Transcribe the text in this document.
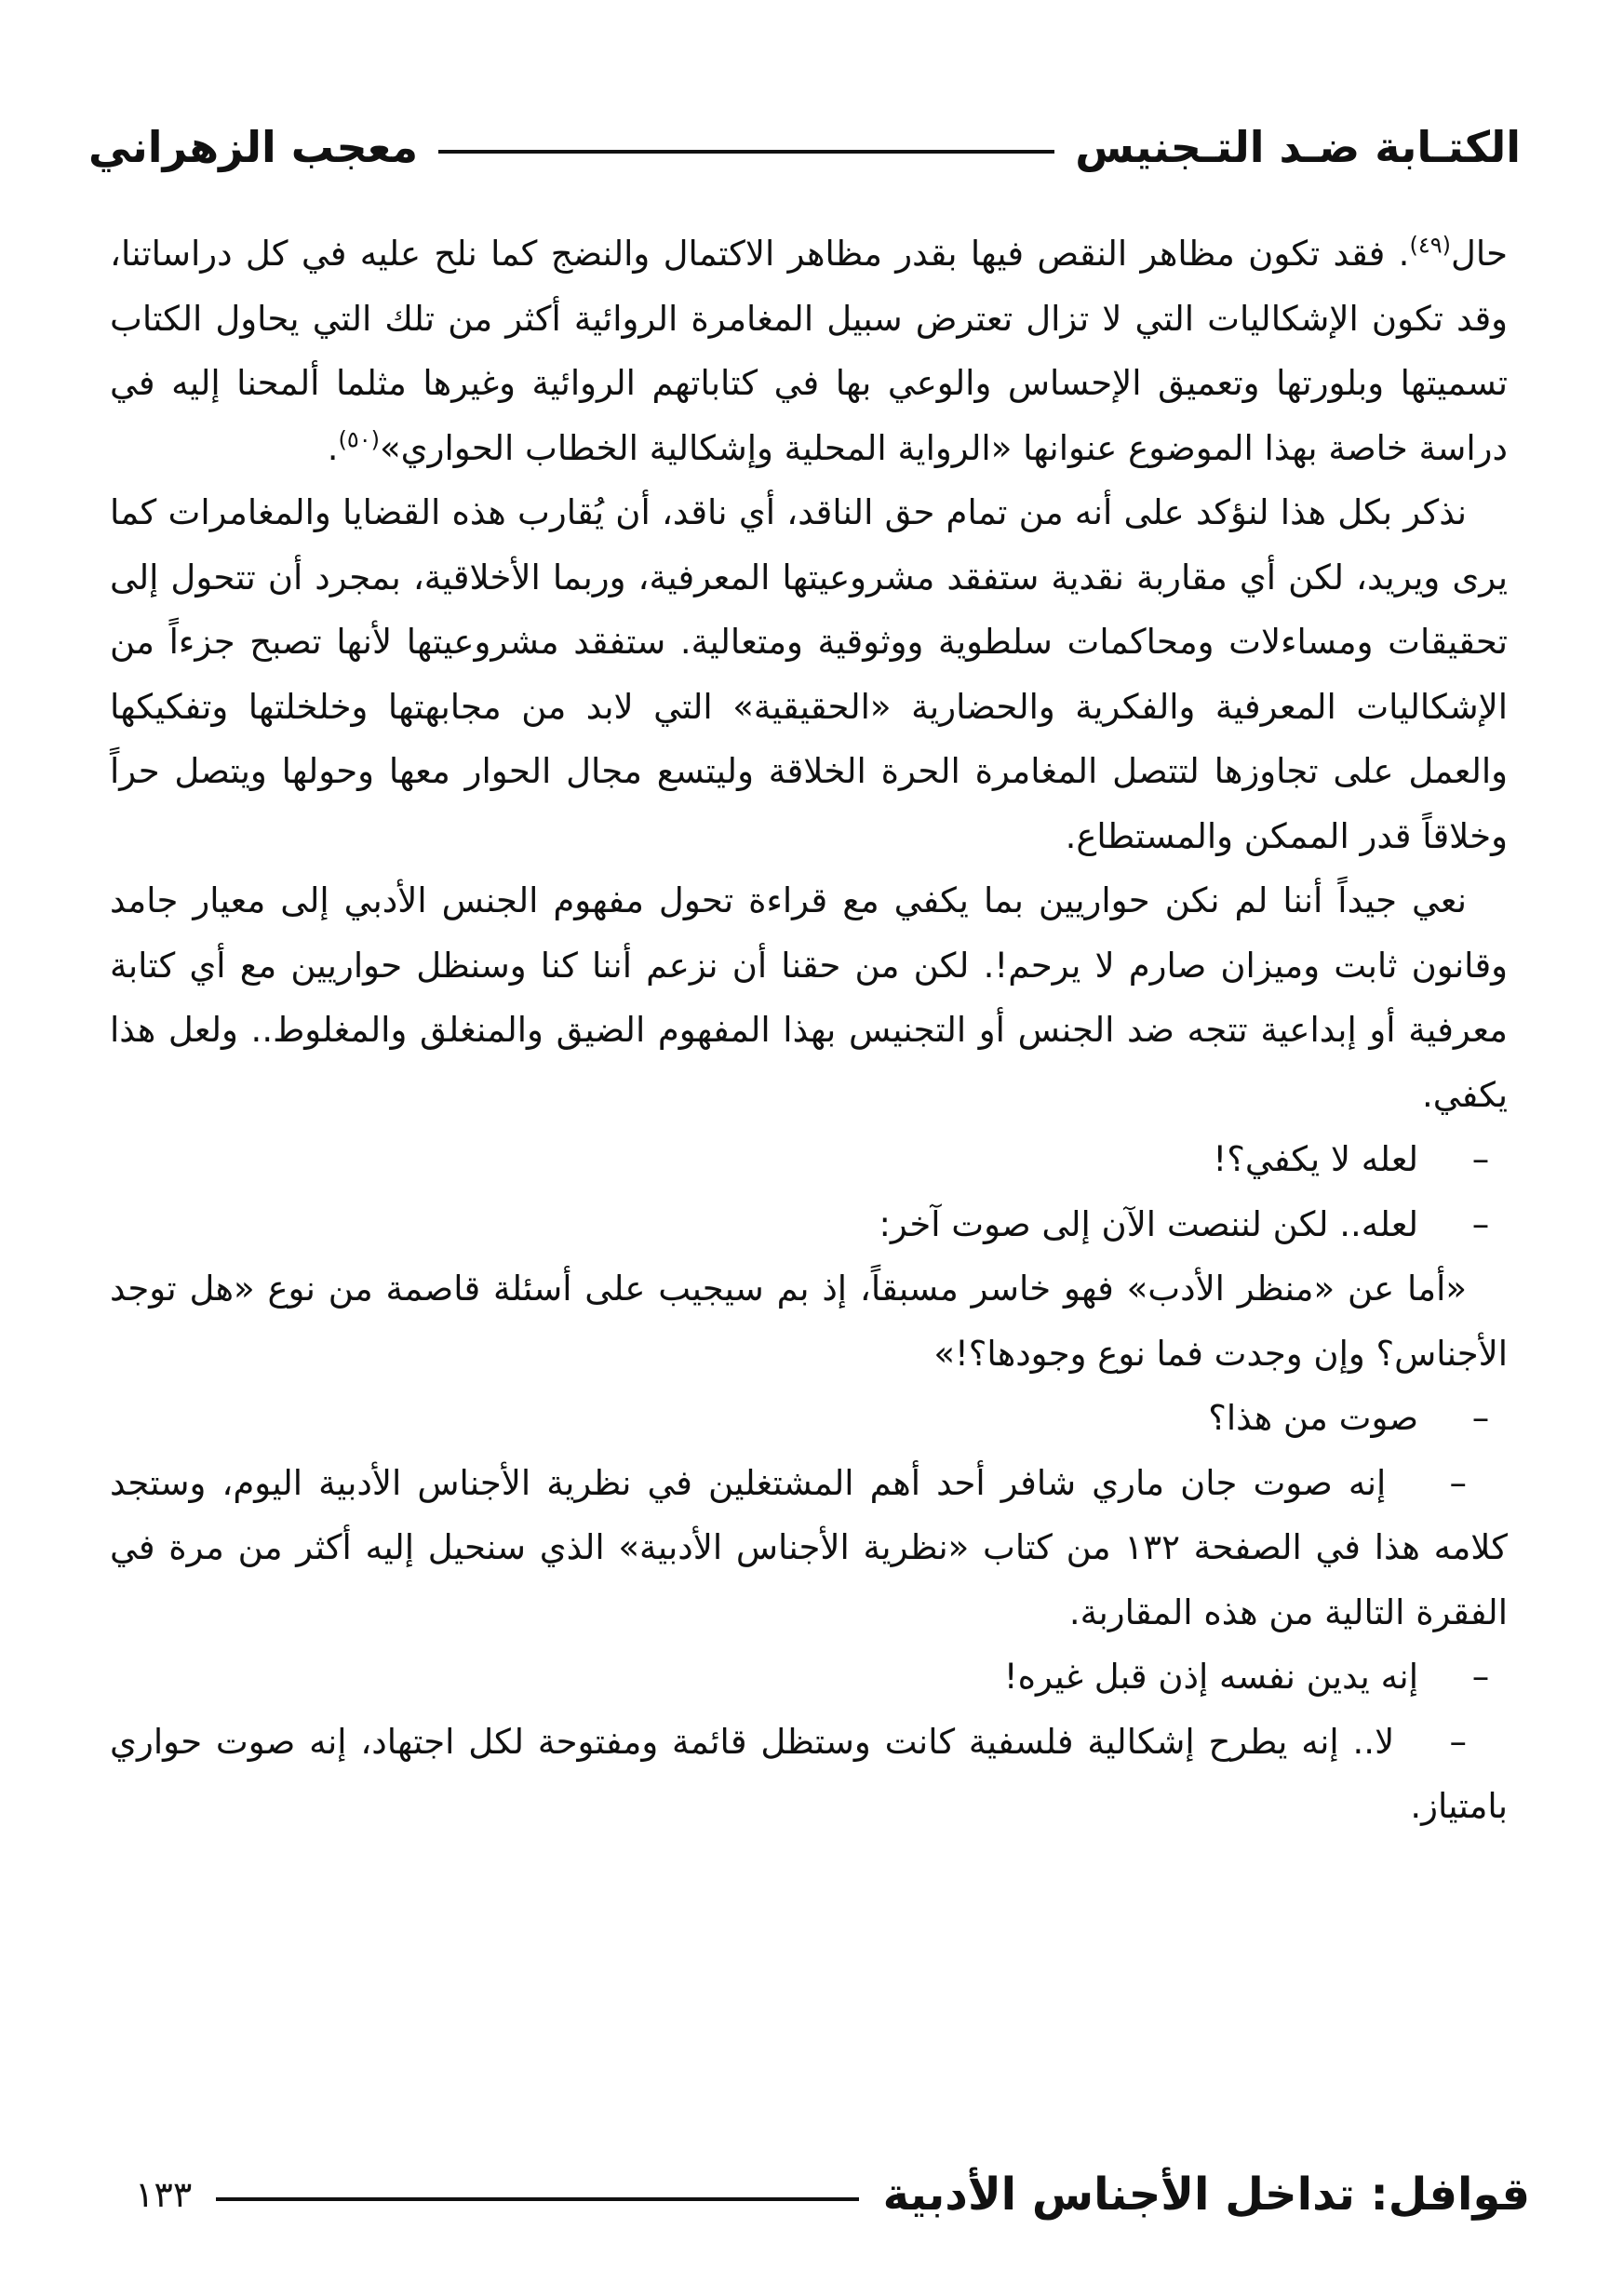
الكتـابة ضـد التـجنيس
معجب الزهراني

حال$^{(٤٩)}$. فقد تكون مظاهر النقص فيها بقدر مظاهر الاكتمال والنضج كما نلح عليه في كل دراساتنا، وقد تكون الإشكاليات التي لا تزال تعترض سبيل المغامرة الروائية أكثر من تلك التي يحاول الكتاب تسميتها وبلورتها وتعميق الإحساس والوعي بها في كتاباتهم الروائية وغيرها مثلما ألمحنا إليه في دراسة خاصة بهذا الموضوع عنوانها «الرواية المحلية وإشكالية الخطاب الحواري»$^{(٥٠)}$.

نذكر بكل هذا لنؤكد على أنه من تمام حق الناقد، أي ناقد، أن يُقارب هذه القضايا والمغامرات كما يرى ويريد، لكن أي مقاربة نقدية ستفقد مشروعيتها المعرفية، وربما الأخلاقية، بمجرد أن تتحول إلى تحقيقات ومساءلات ومحاكمات سلطوية ووثوقية ومتعالية. ستفقد مشروعيتها لأنها تصبح جزءاً من الإشكاليات المعرفية والفكرية والحضارية «الحقيقية» التي لابد من مجابهتها وخلخلتها وتفكيكها والعمل على تجاوزها لتتصل المغامرة الحرة الخلاقة وليتسع مجال الحوار معها وحولها ويتصل حراً وخلاقاً قدر الممكن والمستطاع.

نعي جيداً أننا لم نكن حواريين بما يكفي مع قراءة تحول مفهوم الجنس الأدبي إلى معيار جامد وقانون ثابت وميزان صارم لا يرحم!. لكن من حقنا أن نزعم أننا كنا وسنظل حواريين مع أي كتابة معرفية أو إبداعية تتجه ضد الجنس أو التجنيس بهذا المفهوم الضيق والمنغلق والمغلوط.. ولعل هذا يكفي.

–
لعله لا يكفي؟!
–
لعله.. لكن لننصت الآن إلى صوت آخر:

«أما عن «منظر الأدب» فهو خاسر مسبقاً، إذ بم سيجيب على أسئلة قاصمة من نوع «هل توجد الأجناس؟ وإن وجدت فما نوع وجودها؟!»

–
صوت من هذا؟

–    إنه صوت جان ماري شافر أحد أهم المشتغلين في نظرية الأجناس الأدبية اليوم، وستجد كلامه هذا في الصفحة ١٣٢ من كتاب «نظرية الأجناس الأدبية» الذي سنحيل إليه أكثر من مرة في الفقرة التالية من هذه المقاربة.

–
إنه يدين نفسه إذن قبل غيره!

–    لا.. إنه يطرح إشكالية فلسفية كانت وستظل قائمة ومفتوحة لكل اجتهاد، إنه صوت حواري بامتياز.

قوافل: تداخل الأجناس الأدبية
١٣٣
